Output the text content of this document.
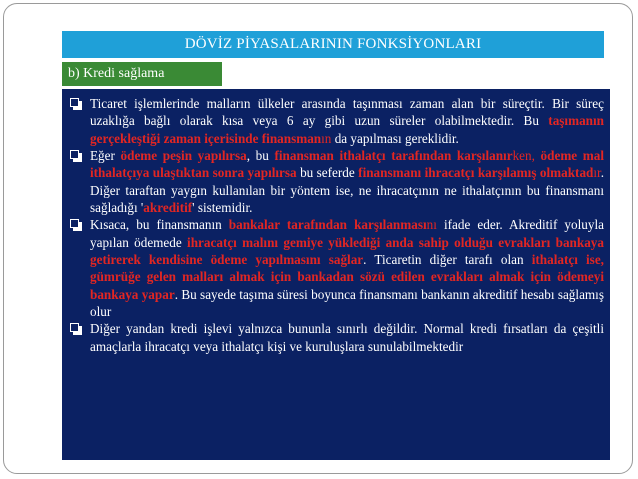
DÖVİZ PİYASALARININ FONKSİYONLARI
b) Kredi sağlama
Ticaret işlemlerinde malların ülkeler arasında taşınması zaman alan bir süreçtir. Bir süreç uzaklığa bağlı olarak kısa veya 6 ay gibi uzun süreler olabilmektedir. Bu taşımanın gerçekleştiği zaman içerisinde finansmanın da yapılması gereklidir.
Eğer ödeme peşin yapılırsa, bu finansman ithalatçı tarafından karşılanırken, ödeme mal ithalatçıya ulaştıktan sonra yapılırsa bu seferde finansmanı ihracatçı karşılamış olmaktadır. Diğer taraftan yaygın kullanılan bir yöntem ise, ne ihracatçının ne ithalatçının bu finansmanı sağladığı 'akreditif' sistemidir.
Kısaca, bu finansmanın bankalar tarafından karşılanmasını ifade eder. Akreditif yoluyla yapılan ödemede ihracatçı malını gemiye yüklediği anda sahip olduğu evrakları bankaya getirerek kendisine ödeme yapılmasını sağlar. Ticaretin diğer tarafı olan ithalatçı ise, gümrüğe gelen malları almak için bankadan sözü edilen evrakları almak için ödemeyi bankaya yapar. Bu sayede taşıma süresi boyunca finansmanı bankanın akreditif hesabı sağlamış olur
Diğer yandan kredi işlevi yalnızca bununla sınırlı değildir. Normal kredi fırsatları da çeşitli amaçlarla ihracatçı veya ithalatçı kişi ve kuruluşlara sunulabilmektedir
